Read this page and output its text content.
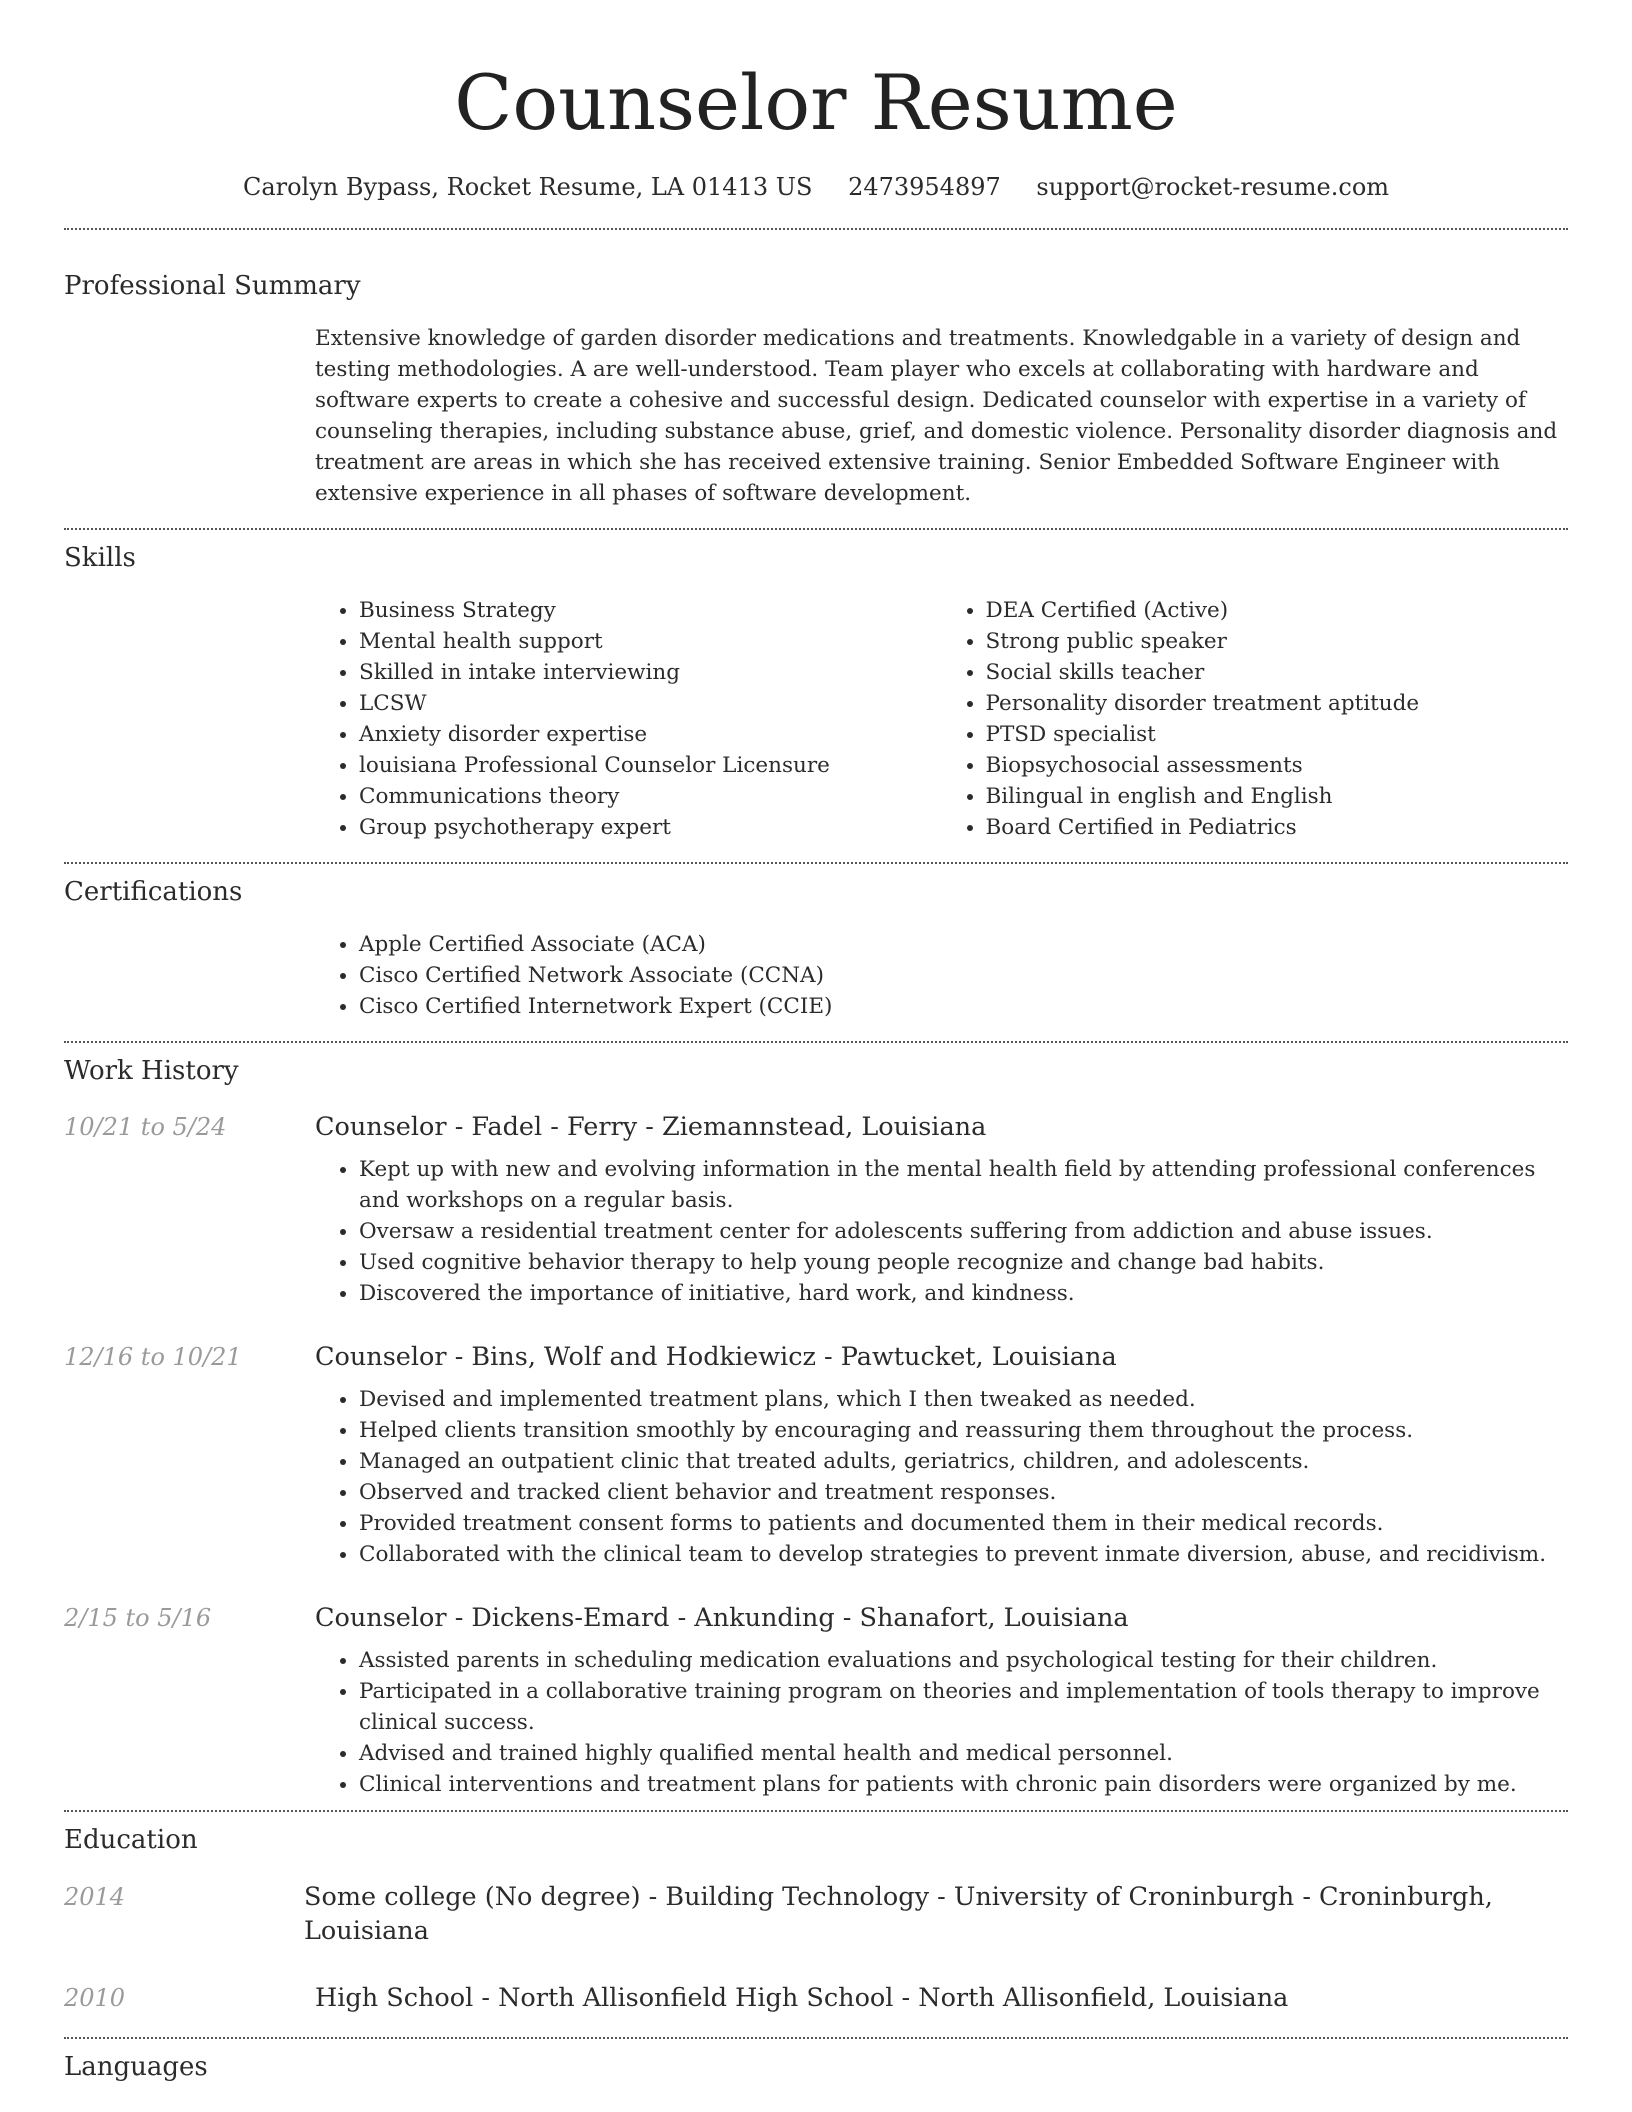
Counselor Resume
Carolyn Bypass, Rocket Resume, LA 01413 US 2473954897 support@rocket-resume.com
Professional Summary
Extensive knowledge of garden disorder medications and treatments. Knowledgable in a variety of design and testing methodologies. A are well-understood. Team player who excels at collaborating with hardware and software experts to create a cohesive and successful design. Dedicated counselor with expertise in a variety of counseling therapies, including substance abuse, grief, and domestic violence. Personality disorder diagnosis and treatment are areas in which she has received extensive training. Senior Embedded Software Engineer with extensive experience in all phases of software development.
Skills
• Business Strategy
• Mental health support
• Skilled in intake interviewing
• LCSW
• Anxiety disorder expertise
• louisiana Professional Counselor Licensure
• Communications theory
• Group psychotherapy expert
• DEA Certified (Active)
• Strong public speaker
• Social skills teacher
• Personality disorder treatment aptitude
• PTSD specialist
• Biopsychosocial assessments
• Bilingual in english and English
• Board Certified in Pediatrics
Certifications
• Apple Certified Associate (ACA)
• Cisco Certified Network Associate (CCNA)
• Cisco Certified Internetwork Expert (CCIE)
Work History
10/21 to 5/24	Counselor - Fadel - Ferry - Ziemannstead, Louisiana
• Kept up with new and evolving information in the mental health field by attending professional conferences and workshops on a regular basis.
• Oversaw a residential treatment center for adolescents suffering from addiction and abuse issues.
• Used cognitive behavior therapy to help young people recognize and change bad habits.
• Discovered the importance of initiative, hard work, and kindness.
12/16 to 10/21	Counselor - Bins, Wolf and Hodkiewicz - Pawtucket, Louisiana
• Devised and implemented treatment plans, which I then tweaked as needed.
• Helped clients transition smoothly by encouraging and reassuring them throughout the process.
• Managed an outpatient clinic that treated adults, geriatrics, children, and adolescents.
• Observed and tracked client behavior and treatment responses.
• Provided treatment consent forms to patients and documented them in their medical records.
• Collaborated with the clinical team to develop strategies to prevent inmate diversion, abuse, and recidivism.
2/15 to 5/16	Counselor - Dickens-Emard - Ankunding - Shanafort, Louisiana
• Assisted parents in scheduling medication evaluations and psychological testing for their children.
• Participated in a collaborative training program on theories and implementation of tools therapy to improve clinical success.
• Advised and trained highly qualified mental health and medical personnel.
• Clinical interventions and treatment plans for patients with chronic pain disorders were organized by me.
Education
2014	Some college (No degree) - Building Technology - University of Croninburgh - Croninburgh, Louisiana
2010	High School - North Allisonfield High School - North Allisonfield, Louisiana
Languages
